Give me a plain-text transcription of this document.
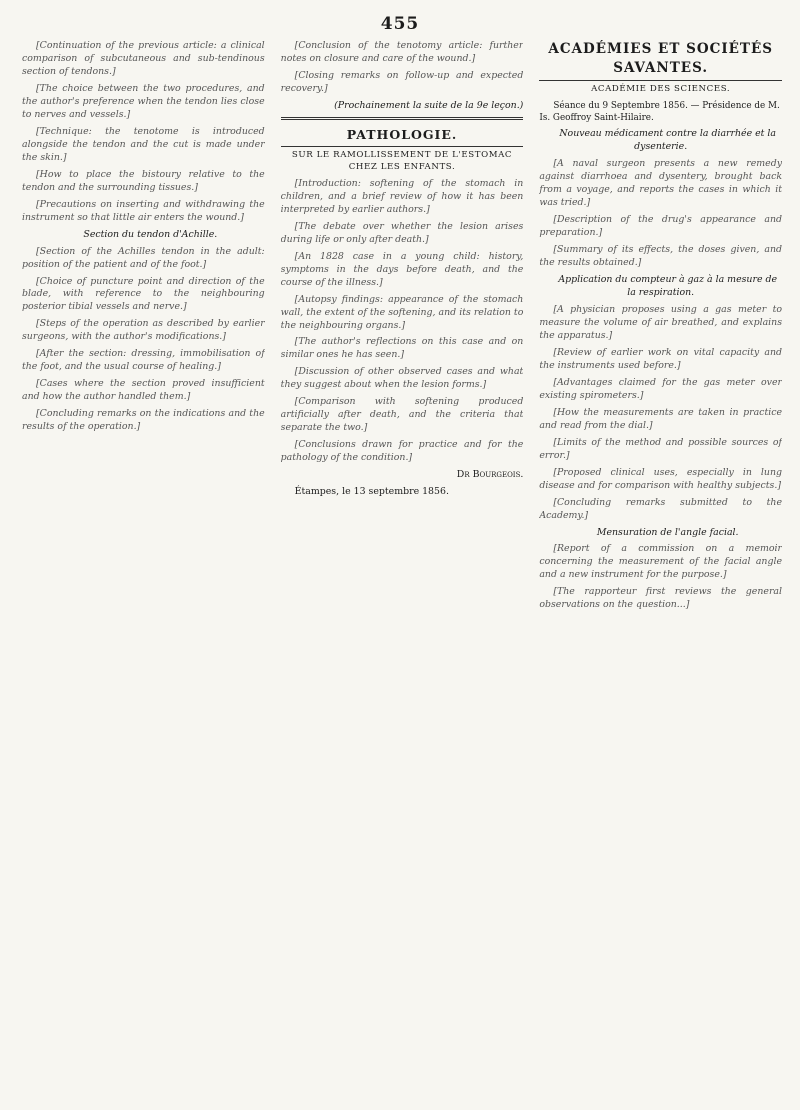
455

[Continuation of the previous article: a clinical comparison of subcutaneous and sub-tendinous section of tendons.]

[The choice between the two procedures, and the author's preference when the tendon lies close to nerves and vessels.]

[Technique: the tenotome is introduced alongside the tendon and the cut is made under the skin.]

[How to place the bistoury relative to the tendon and the surrounding tissues.]

[Precautions on inserting and withdrawing the instrument so that little air enters the wound.]

Section du tendon d'Achille.

[Section of the Achilles tendon in the adult: position of the patient and of the foot.]

[Choice of puncture point and direction of the blade, with reference to the neighbouring posterior tibial vessels and nerve.]

[Steps of the operation as described by earlier surgeons, with the author's modifications.]

[After the section: dressing, immobilisation of the foot, and the usual course of healing.]

[Cases where the section proved insufficient and how the author handled them.]

[Concluding remarks on the indications and the results of the operation.]

[Conclusion of the tenotomy article: further notes on closure and care of the wound.]

[Closing remarks on follow-up and expected recovery.]

(Prochainement la suite de la 9e leçon.)

PATHOLOGIE.
SUR LE RAMOLLISSEMENT DE L'ESTOMAC CHEZ LES ENFANTS.

[Introduction: softening of the stomach in children, and a brief review of how it has been interpreted by earlier authors.]

[The debate over whether the lesion arises during life or only after death.]

[An 1828 case in a young child: history, symptoms in the days before death, and the course of the illness.]

[Autopsy findings: appearance of the stomach wall, the extent of the softening, and its relation to the neighbouring organs.]

[The author's reflections on this case and on similar ones he has seen.]

[Discussion of other observed cases and what they suggest about when the lesion forms.]

[Comparison with softening produced artificially after death, and the criteria that separate the two.]

[Conclusions drawn for practice and for the pathology of the condition.]

Dr Bourgeois.

Étampes, le 13 septembre 1856.

ACADÉMIES ET SOCIÉTÉS SAVANTES.
ACADÉMIE DES SCIENCES.

Séance du 9 Septembre 1856. — Présidence de M. Is. Geoffroy Saint-Hilaire.

Nouveau médicament contre la diarrhée et la dysenterie.

[A naval surgeon presents a new remedy against diarrhoea and dysentery, brought back from a voyage, and reports the cases in which it was tried.]

[Description of the drug's appearance and preparation.]

[Summary of its effects, the doses given, and the results obtained.]

Application du compteur à gaz à la mesure de la respiration.

[A physician proposes using a gas meter to measure the volume of air breathed, and explains the apparatus.]

[Review of earlier work on vital capacity and the instruments used before.]

[Advantages claimed for the gas meter over existing spirometers.]

[How the measurements are taken in practice and read from the dial.]

[Limits of the method and possible sources of error.]

[Proposed clinical uses, especially in lung disease and for comparison with healthy subjects.]

[Concluding remarks submitted to the Academy.]

Mensuration de l'angle facial.

[Report of a commission on a memoir concerning the measurement of the facial angle and a new instrument for the purpose.]

[The rapporteur first reviews the general observations on the question...]
